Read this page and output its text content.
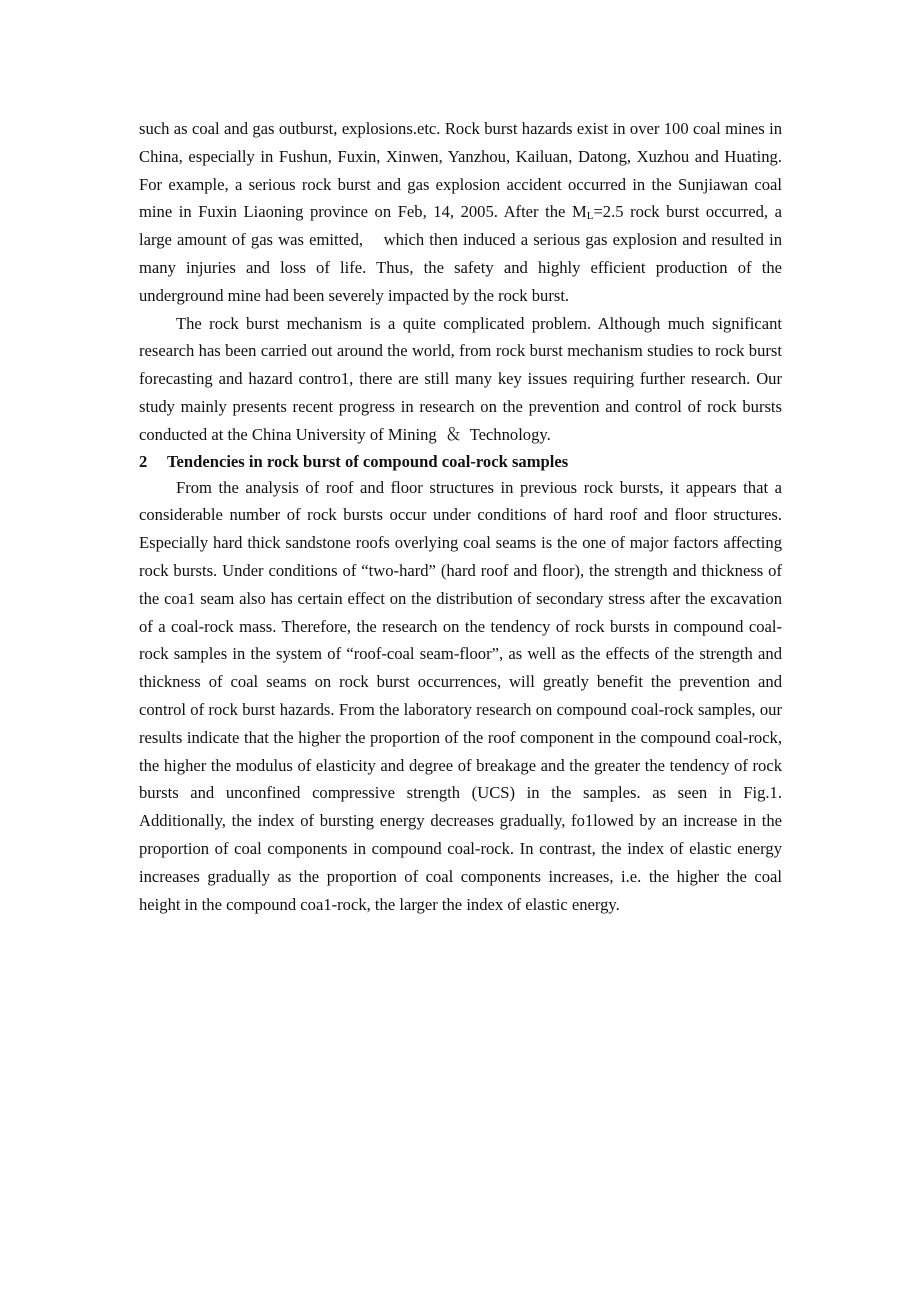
such as coal and gas outburst, explosions.etc. Rock burst hazards exist in over 100 coal mines in China, especially in Fushun, Fuxin, Xinwen, Yanzhou, Kailuan, Datong, Xuzhou and Huating. For example, a serious rock burst and gas explosion accident occurred in the Sunjiawan coal mine in Fuxin Liaoning province on Feb, 14, 2005. After the $M_L=2.5$ rock burst occurred, a large amount of gas was emitted,    which then induced a serious gas explosion and resulted in many injuries and loss of life. Thus, the safety and highly efficient production of the underground mine had been severely impacted by the rock burst.

The rock burst mechanism is a quite complicated problem. Although much significant research has been carried out around the world, from rock burst mechanism studies to rock burst forecasting and hazard contro1, there are still many key issues requiring further research. Our study mainly presents recent progress in research on the prevention and control of rock bursts conducted at the China University of Mining  ＆  Technology.

2 Tendencies in rock burst of compound coal-rock samples

From the analysis of roof and floor structures in previous rock bursts, it appears that a considerable number of rock bursts occur under conditions of hard roof and floor structures. Especially hard thick sandstone roofs overlying coal seams is the one of major factors affecting rock bursts. Under conditions of “two-hard” (hard roof and floor), the strength and thickness of the coa1 seam also has certain effect on the distribution of secondary stress after the excavation of a coal-rock mass. Therefore, the research on the tendency of rock bursts in compound coal-rock samples in the system of “roof-coal seam-floor”, as well as the effects of the strength and thickness of coal seams on rock burst occurrences, will greatly benefit the prevention and control of rock burst hazards. From the laboratory research on compound coal-rock samples, our results indicate that the higher the proportion of the roof component in the compound coal-rock, the higher the modulus of elasticity and degree of breakage and the greater the tendency of rock bursts and unconfined compressive strength (UCS) in the samples. as seen in Fig.1. Additionally, the index of bursting energy decreases gradually, fo1lowed by an increase in the proportion of coal components in compound coal-rock. In contrast, the index of elastic energy increases gradually as the proportion of coal components increases, i.e. the higher the coal height in the compound coa1-rock, the larger the index of elastic energy.
